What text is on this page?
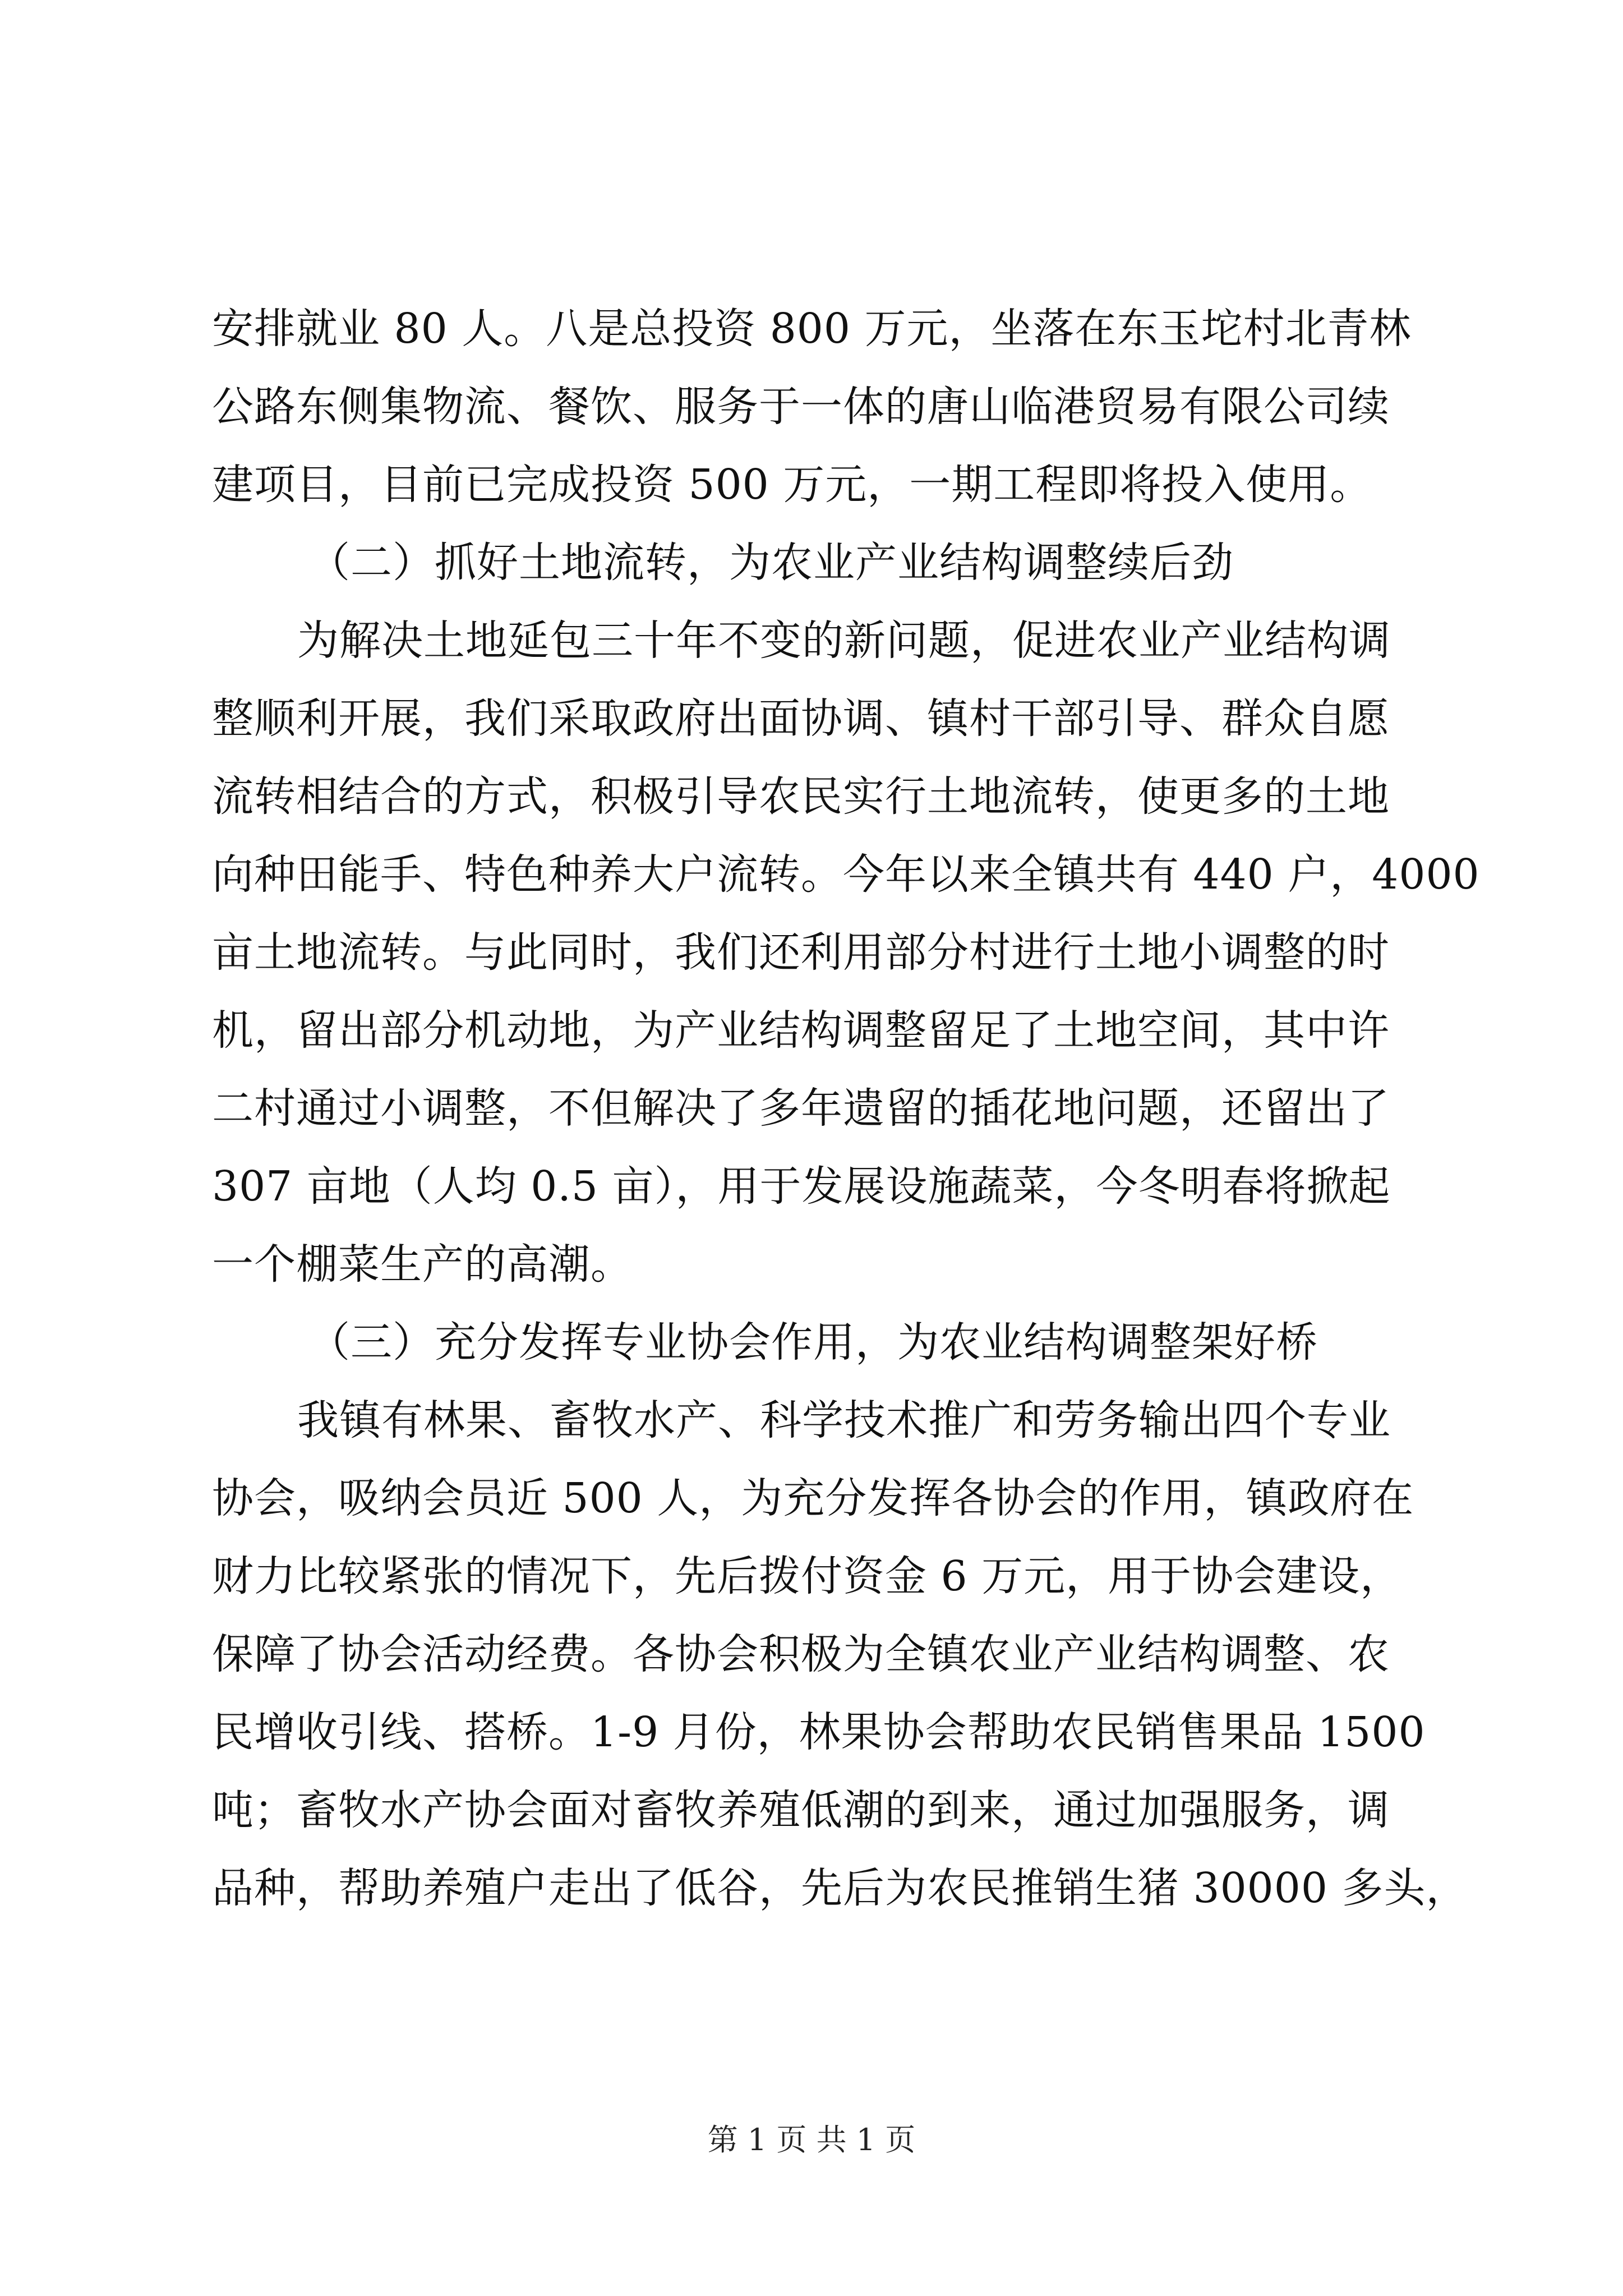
安排就业 80 人。八是总投资 800 万元，坐落在东玉坨村北青林
公路东侧集物流、餐饮、服务于一体的唐山临港贸易有限公司续
建项目，目前已完成投资 500 万元，一期工程即将投入使用。
（二）抓好土地流转，为农业产业结构调整续后劲
为解决土地延包三十年不变的新问题，促进农业产业结构调
整顺利开展，我们采取政府出面协调、镇村干部引导、群众自愿
流转相结合的方式，积极引导农民实行土地流转，使更多的土地
向种田能手、特色种养大户流转。今年以来全镇共有 440 户，4000
亩土地流转。与此同时，我们还利用部分村进行土地小调整的时
机，留出部分机动地，为产业结构调整留足了土地空间，其中许
二村通过小调整，不但解决了多年遗留的插花地问题，还留出了
307 亩地（人均 0.5 亩），用于发展设施蔬菜，今冬明春将掀起
一个棚菜生产的高潮。
（三）充分发挥专业协会作用，为农业结构调整架好桥
我镇有林果、畜牧水产、科学技术推广和劳务输出四个专业
协会，吸纳会员近 500 人，为充分发挥各协会的作用，镇政府在
财力比较紧张的情况下，先后拨付资金 6 万元，用于协会建设，
保障了协会活动经费。各协会积极为全镇农业产业结构调整、农
民增收引线、搭桥。1-9 月份，林果协会帮助农民销售果品 1500
吨；畜牧水产协会面对畜牧养殖低潮的到来，通过加强服务，调
品种，帮助养殖户走出了低谷，先后为农民推销生猪 30000 多头，
第 1 页 共 1 页
